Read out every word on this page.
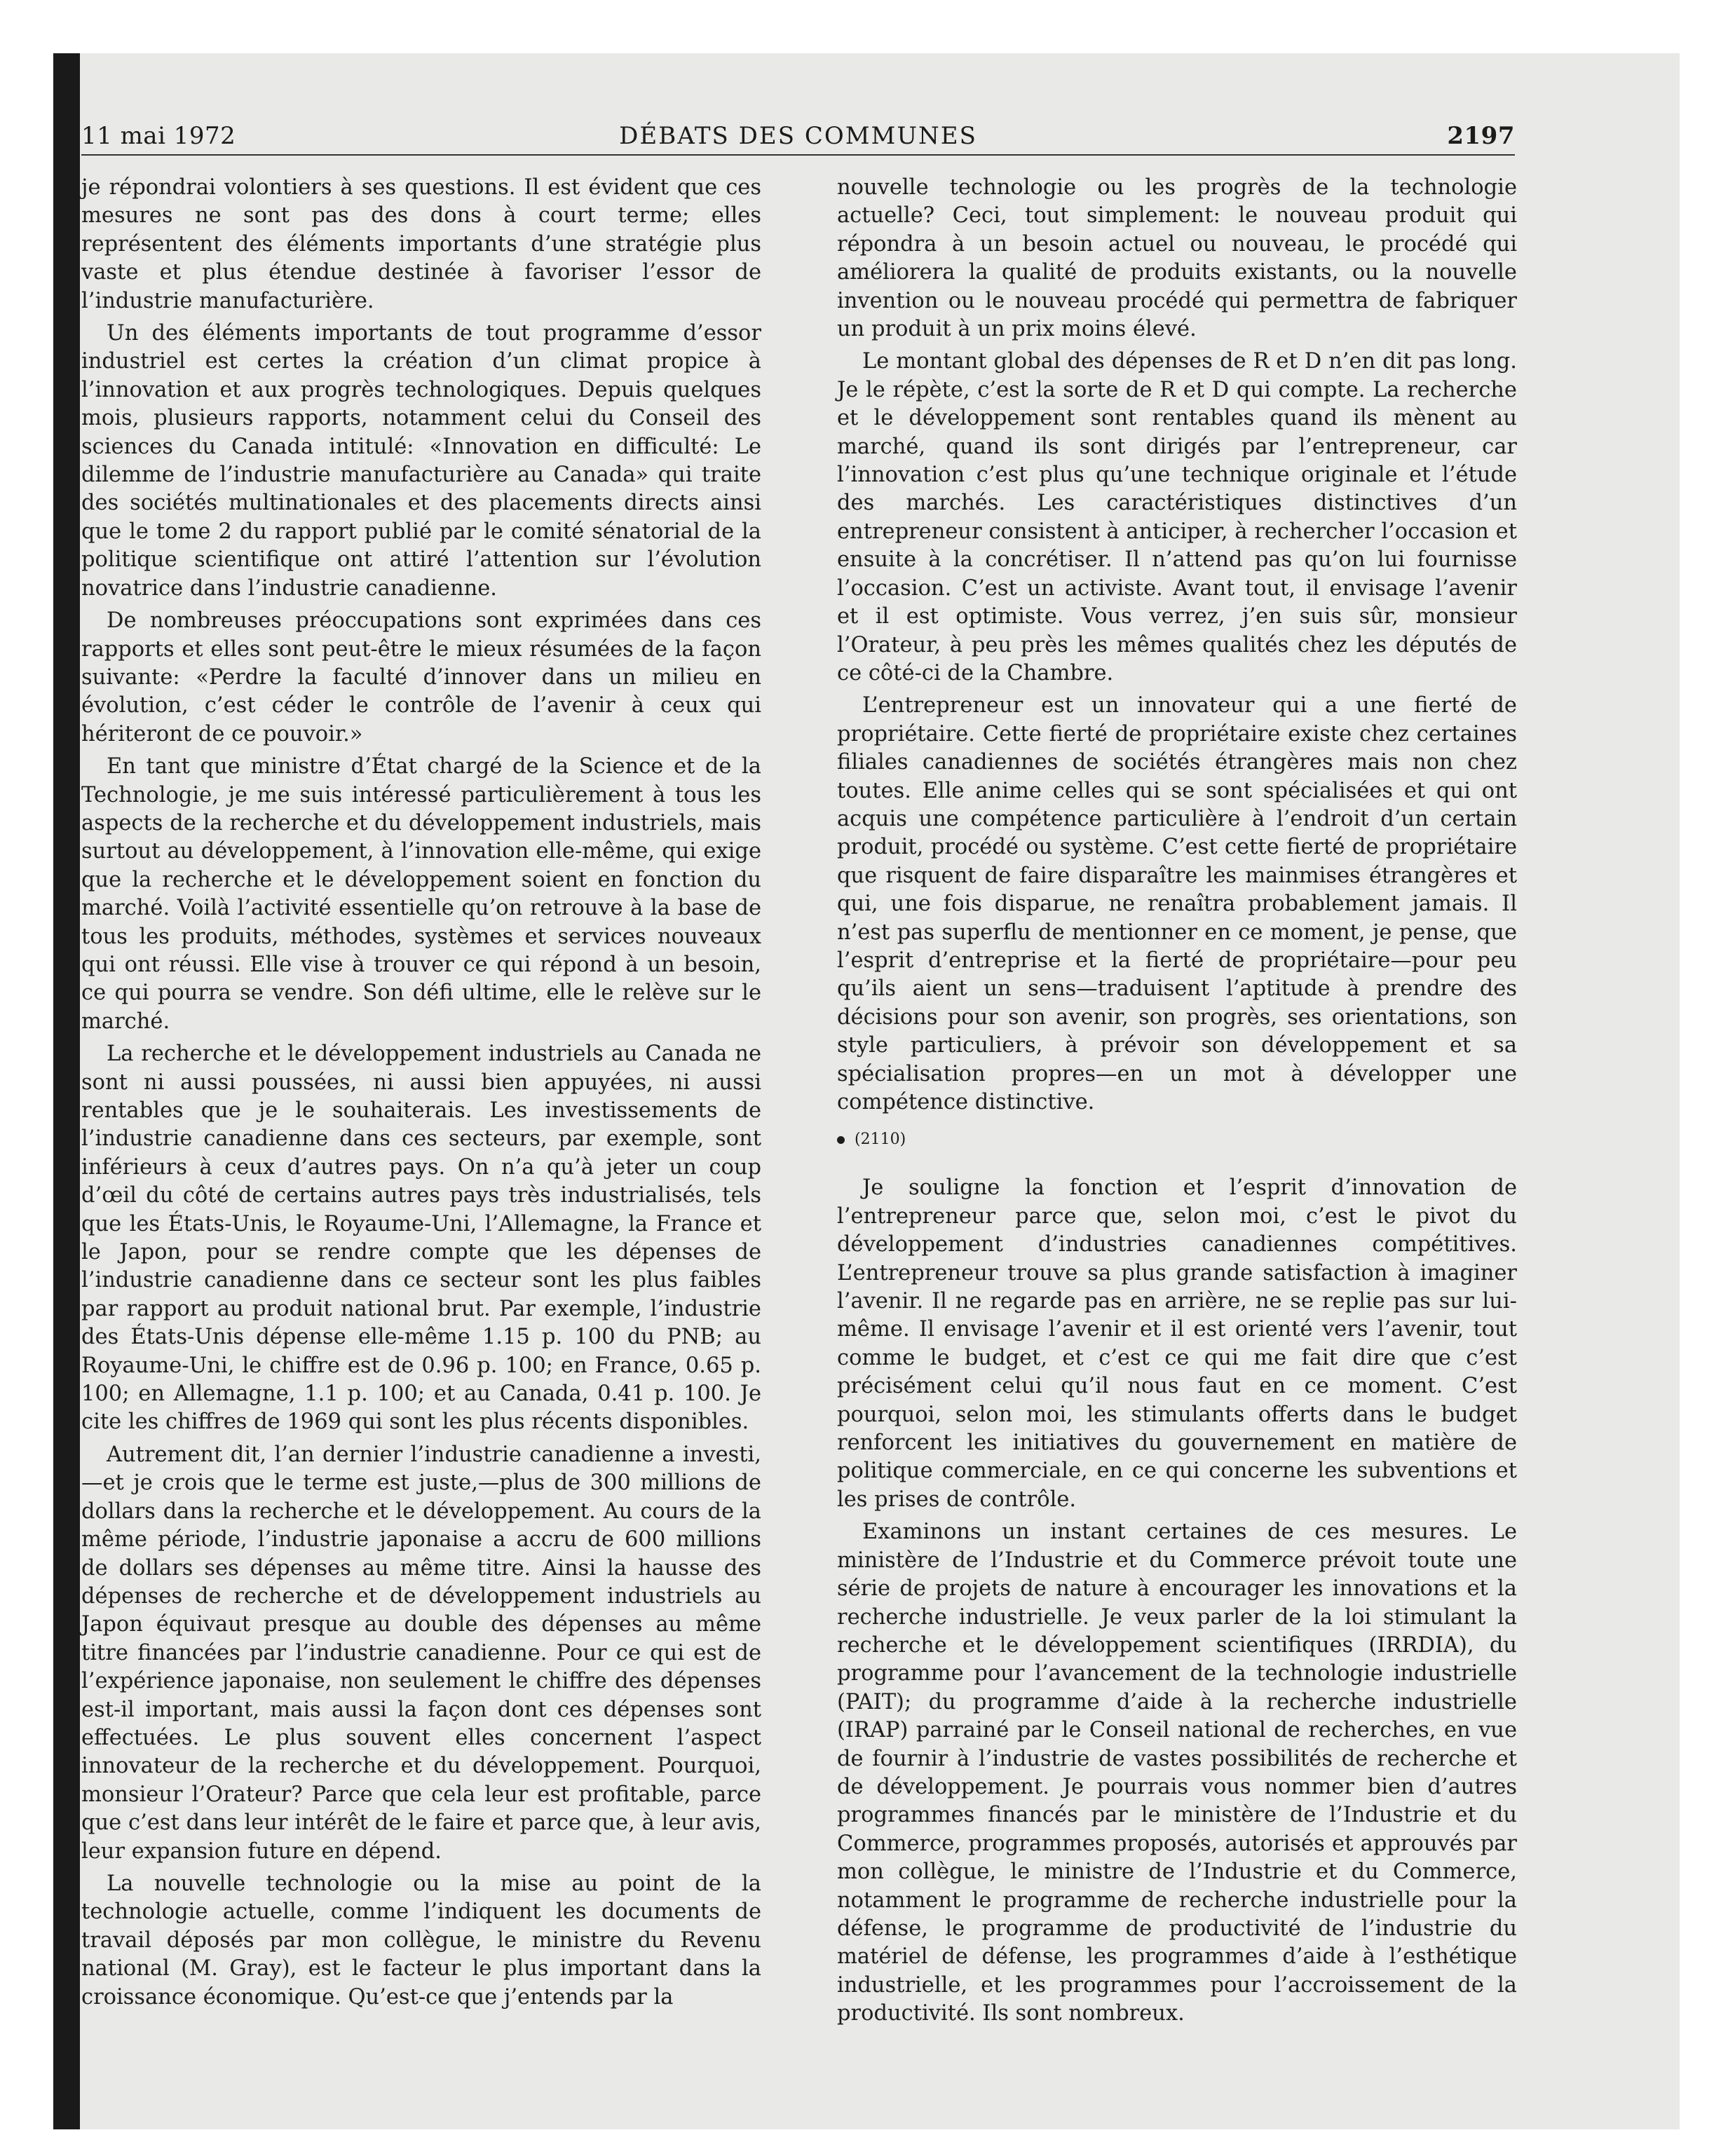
11 mai 1972	DÉBATS DES COMMUNES	2197

je répondrai volontiers à ses questions. Il est évident que ces mesures ne sont pas des dons à court terme; elles représentent des éléments importants d’une stratégie plus vaste et plus étendue destinée à favoriser l’essor de l’industrie manufacturière.

Un des éléments importants de tout programme d’essor industriel est certes la création d’un climat propice à l’innovation et aux progrès technologiques. Depuis quelques mois, plusieurs rapports, notamment celui du Conseil des sciences du Canada intitulé: «Innovation en difficulté: Le dilemme de l’industrie manufacturière au Canada» qui traite des sociétés multinationales et des placements directs ainsi que le tome 2 du rapport publié par le comité sénatorial de la politique scientifique ont attiré l’attention sur l’évolution novatrice dans l’industrie canadienne.

De nombreuses préoccupations sont exprimées dans ces rapports et elles sont peut-être le mieux résumées de la façon suivante: «Perdre la faculté d’innover dans un milieu en évolution, c’est céder le contrôle de l’avenir à ceux qui hériteront de ce pouvoir.»

En tant que ministre d’État chargé de la Science et de la Technologie, je me suis intéressé particulièrement à tous les aspects de la recherche et du développement industriels, mais surtout au développement, à l’innovation elle-même, qui exige que la recherche et le développement soient en fonction du marché. Voilà l’activité essentielle qu’on retrouve à la base de tous les produits, méthodes, systèmes et services nouveaux qui ont réussi. Elle vise à trouver ce qui répond à un besoin, ce qui pourra se vendre. Son défi ultime, elle le relève sur le marché.

La recherche et le développement industriels au Canada ne sont ni aussi poussées, ni aussi bien appuyées, ni aussi rentables que je le souhaiterais. Les investissements de l’industrie canadienne dans ces secteurs, par exemple, sont inférieurs à ceux d’autres pays. On n’a qu’à jeter un coup d’œil du côté de certains autres pays très industrialisés, tels que les États-Unis, le Royaume-Uni, l’Allemagne, la France et le Japon, pour se rendre compte que les dépenses de l’industrie canadienne dans ce secteur sont les plus faibles par rapport au produit national brut. Par exemple, l’industrie des États-Unis dépense elle-même 1.15 p. 100 du PNB; au Royaume-Uni, le chiffre est de 0.96 p. 100; en France, 0.65 p. 100; en Allemagne, 1.1 p. 100; et au Canada, 0.41 p. 100. Je cite les chiffres de 1969 qui sont les plus récents disponibles.

Autrement dit, l’an dernier l’industrie canadienne a investi,—et je crois que le terme est juste,—plus de 300 millions de dollars dans la recherche et le développement. Au cours de la même période, l’industrie japonaise a accru de 600 millions de dollars ses dépenses au même titre. Ainsi la hausse des dépenses de recherche et de développement industriels au Japon équivaut presque au double des dépenses au même titre financées par l’industrie canadienne. Pour ce qui est de l’expérience japonaise, non seulement le chiffre des dépenses est-il important, mais aussi la façon dont ces dépenses sont effectuées. Le plus souvent elles concernent l’aspect innovateur de la recherche et du développement. Pourquoi, monsieur l’Orateur? Parce que cela leur est profitable, parce que c’est dans leur intérêt de le faire et parce que, à leur avis, leur expansion future en dépend.

La nouvelle technologie ou la mise au point de la technologie actuelle, comme l’indiquent les documents de travail déposés par mon collègue, le ministre du Revenu national (M. Gray), est le facteur le plus important dans la croissance économique. Qu’est-ce que j’entends par la

nouvelle technologie ou les progrès de la technologie actuelle? Ceci, tout simplement: le nouveau produit qui répondra à un besoin actuel ou nouveau, le procédé qui améliorera la qualité de produits existants, ou la nouvelle invention ou le nouveau procédé qui permettra de fabriquer un produit à un prix moins élevé.

Le montant global des dépenses de R et D n’en dit pas long. Je le répète, c’est la sorte de R et D qui compte. La recherche et le développement sont rentables quand ils mènent au marché, quand ils sont dirigés par l’entrepreneur, car l’innovation c’est plus qu’une technique originale et l’étude des marchés. Les caractéristiques distinctives d’un entrepreneur consistent à anticiper, à rechercher l’occasion et ensuite à la concrétiser. Il n’attend pas qu’on lui fournisse l’occasion. C’est un activiste. Avant tout, il envisage l’avenir et il est optimiste. Vous verrez, j’en suis sûr, monsieur l’Orateur, à peu près les mêmes qualités chez les députés de ce côté-ci de la Chambre.

L’entrepreneur est un innovateur qui a une fierté de propriétaire. Cette fierté de propriétaire existe chez certaines filiales canadiennes de sociétés étrangères mais non chez toutes. Elle anime celles qui se sont spécialisées et qui ont acquis une compétence particulière à l’endroit d’un certain produit, procédé ou système. C’est cette fierté de propriétaire que risquent de faire disparaître les mainmises étrangères et qui, une fois disparue, ne renaîtra probablement jamais. Il n’est pas superflu de mentionner en ce moment, je pense, que l’esprit d’entreprise et la fierté de propriétaire—pour peu qu’ils aient un sens—traduisent l’aptitude à prendre des décisions pour son avenir, son progrès, ses orientations, son style particuliers, à prévoir son développement et sa spécialisation propres—en un mot à développer une compétence distinctive.

(2110)

Je souligne la fonction et l’esprit d’innovation de l’entrepreneur parce que, selon moi, c’est le pivot du développement d’industries canadiennes compétitives. L’entrepreneur trouve sa plus grande satisfaction à imaginer l’avenir. Il ne regarde pas en arrière, ne se replie pas sur lui-même. Il envisage l’avenir et il est orienté vers l’avenir, tout comme le budget, et c’est ce qui me fait dire que c’est précisément celui qu’il nous faut en ce moment. C’est pourquoi, selon moi, les stimulants offerts dans le budget renforcent les initiatives du gouvernement en matière de politique commerciale, en ce qui concerne les subventions et les prises de contrôle.

Examinons un instant certaines de ces mesures. Le ministère de l’Industrie et du Commerce prévoit toute une série de projets de nature à encourager les innovations et la recherche industrielle. Je veux parler de la loi stimulant la recherche et le développement scientifiques (IRRDIA), du programme pour l’avancement de la technologie industrielle (PAIT); du programme d’aide à la recherche industrielle (IRAP) parrainé par le Conseil national de recherches, en vue de fournir à l’industrie de vastes possibilités de recherche et de développement. Je pourrais vous nommer bien d’autres programmes financés par le ministère de l’Industrie et du Commerce, programmes proposés, autorisés et approuvés par mon collègue, le ministre de l’Industrie et du Commerce, notamment le programme de recherche industrielle pour la défense, le programme de productivité de l’industrie du matériel de défense, les programmes d’aide à l’esthétique industrielle, et les programmes pour l’accroissement de la productivité. Ils sont nombreux.
